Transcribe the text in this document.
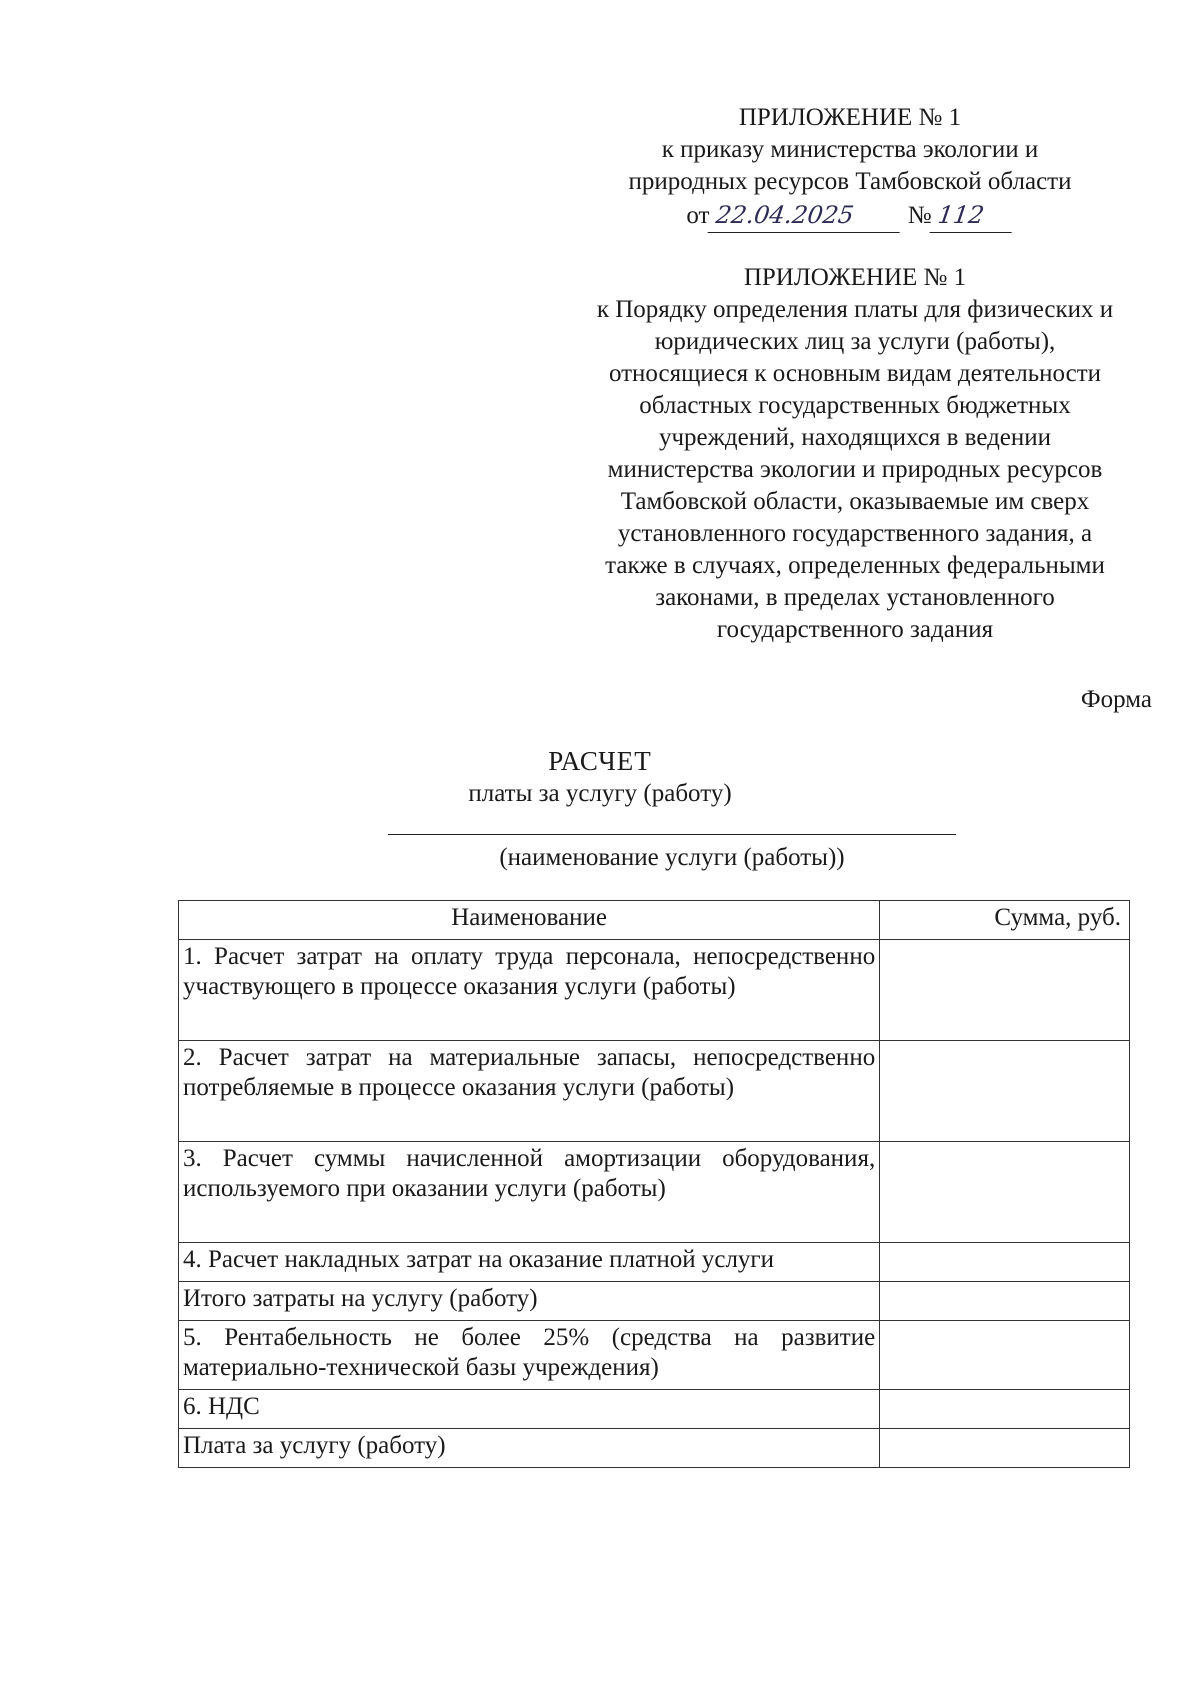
ПРИЛОЖЕНИЕ № 1
к приказу министерства экологии и
природных ресурсов Тамбовской области
от 22.04.2025 № 112
ПРИЛОЖЕНИЕ № 1
к Порядку определения платы для физических и
юридических лиц за услуги (работы),
относящиеся к основным видам деятельности
областных государственных бюджетных
учреждений, находящихся в ведении
министерства экологии и природных ресурсов
Тамбовской области, оказываемые им сверх
установленного государственного задания, а
также в случаях, определенных федеральными
законами, в пределах установленного
государственного задания
Форма
РАСЧЕТ
платы за услугу (работу)
(наименование услуги (работы))
Наименование	Сумма, руб.
1. Расчет затрат на оплату труда персонала, непосредственно участвующего в процессе оказания услуги (работы)	
2. Расчет затрат на материальные запасы, непосредственно потребляемые в процессе оказания услуги (работы)	
3. Расчет суммы начисленной амортизации оборудования, используемого при оказании услуги (работы)	
4. Расчет накладных затрат на оказание платной услуги	
Итого затраты на услугу (работу)	
5. Рентабельность не более 25% (средства на развитие материально-технической базы учреждения)	
6. НДС	
Плата за услугу (работу)	
